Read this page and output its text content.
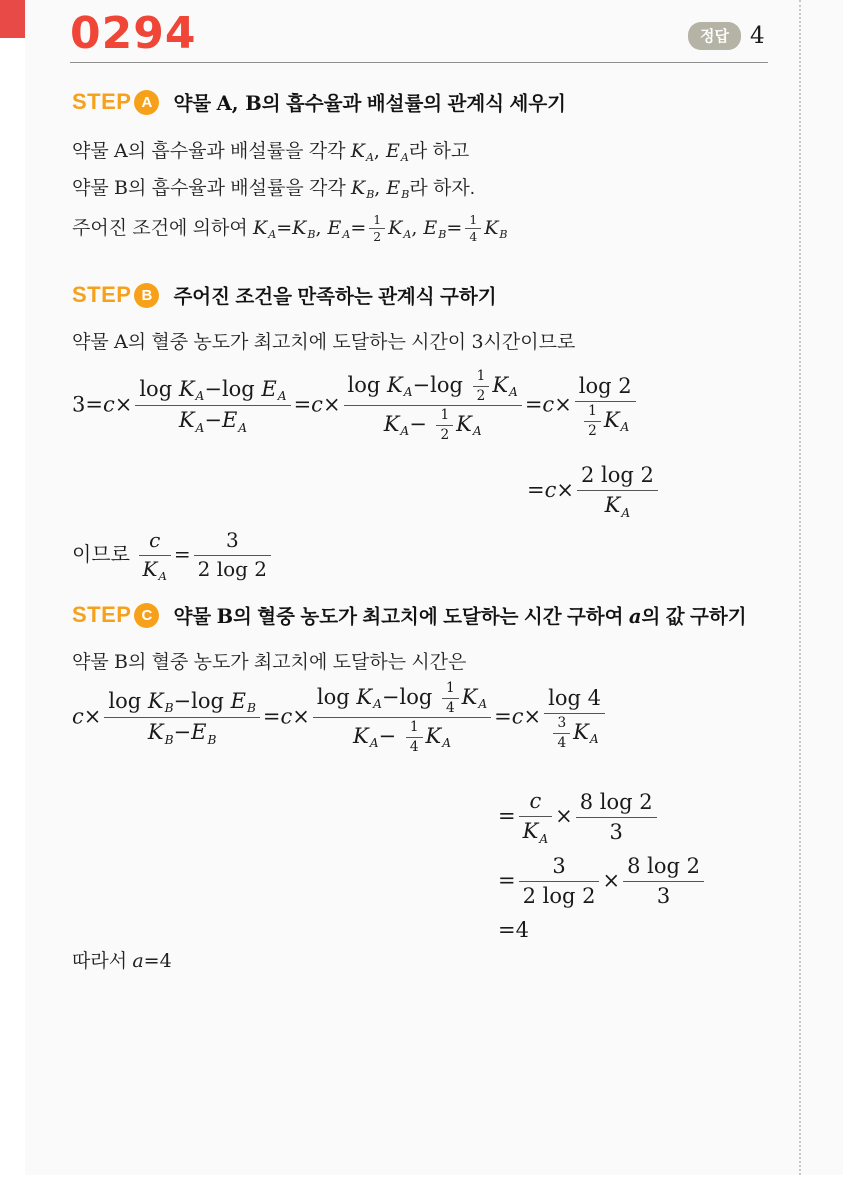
0294	정답 4
STEP A	약물 A, B의 흡수율과 배설률의 관계식 세우기
약물 A의 흡수율과 배설률을 각각 $K_A$, $E_A$라 하고
약물 B의 흡수율과 배설률을 각각 $K_B$, $E_B$라 하자.
주어진 조건에 의하여 $K_A=K_B$, $E_A= \frac{1}{2} K_A$, $E_B= \frac{1}{4} K_B$
STEP B	주어진 조건을 만족하는 관계식 구하기
약물 A의 혈중 농도가 최고치에 도달하는 시간이 3시간이므로
$3=c\times \frac{\log K_A-\log E_A}{K_A-E_A} =c\times \frac{\log K_A-\log \frac{1}{2} K_A}{K_A- \frac{1}{2} K_A} =c\times \frac{\log 2}{\frac{1}{2} K_A}$
$=c\times \frac{2 \log 2}{K_A}$
이므로 $\frac{c}{K_A} = \frac{3}{2 \log 2}$
STEP C	약물 B의 혈중 농도가 최고치에 도달하는 시간 구하여 a의 값 구하기
약물 B의 혈중 농도가 최고치에 도달하는 시간은
$c\times \frac{\log K_B-\log E_B}{K_B-E_B} =c\times \frac{\log K_A-\log \frac{1}{4} K_A}{K_A- \frac{1}{4} K_A} =c\times \frac{\log 4}{\frac{3}{4} K_A}$
= $\frac{c}{K_A} \times \frac{8 \log 2}{3}$
= $\frac{3}{2 \log 2} \times \frac{8 \log 2}{3}$
=4
따라서 a=4
